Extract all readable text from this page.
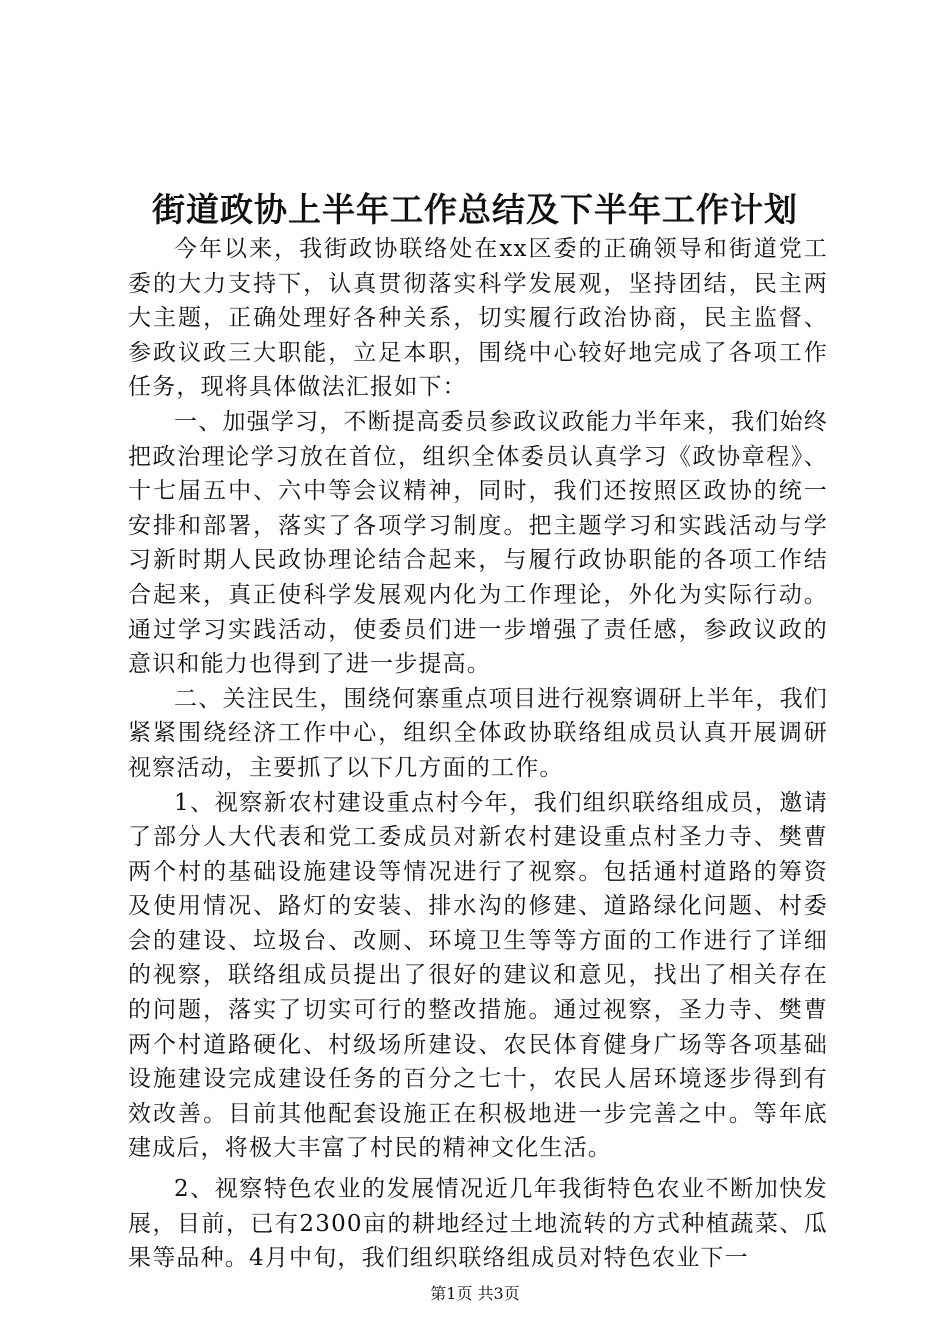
街道政协上半年工作总结及下半年工作计划

今年以来，我街政协联络处在xx区委的正确领导和街道党工委的大力支持下，认真贯彻落实科学发展观，坚持团结，民主两大主题，正确处理好各种关系，切实履行政治协商，民主监督、参政议政三大职能，立足本职，围绕中心较好地完成了各项工作任务，现将具体做法汇报如下：

一、加强学习，不断提高委员参政议政能力半年来，我们始终把政治理论学习放在首位，组织全体委员认真学习《政协章程》、十七届五中、六中等会议精神，同时，我们还按照区政协的统一安排和部署，落实了各项学习制度。把主题学习和实践活动与学习新时期人民政协理论结合起来，与履行政协职能的各项工作结合起来，真正使科学发展观内化为工作理论，外化为实际行动。通过学习实践活动，使委员们进一步增强了责任感，参政议政的意识和能力也得到了进一步提高。

二、关注民生，围绕何寨重点项目进行视察调研上半年，我们紧紧围绕经济工作中心，组织全体政协联络组成员认真开展调研视察活动，主要抓了以下几方面的工作。

1、视察新农村建设重点村今年，我们组织联络组成员，邀请了部分人大代表和党工委成员对新农村建设重点村圣力寺、樊曹两个村的基础设施建设等情况进行了视察。包括通村道路的筹资及使用情况、路灯的安装、排水沟的修建、道路绿化问题、村委会的建设、垃圾台、改厕、环境卫生等等方面的工作进行了详细的视察，联络组成员提出了很好的建议和意见，找出了相关存在的问题，落实了切实可行的整改措施。通过视察，圣力寺、樊曹两个村道路硬化、村级场所建设、农民体育健身广场等各项基础设施建设完成建设任务的百分之七十，农民人居环境逐步得到有效改善。目前其他配套设施正在积极地进一步完善之中。等年底建成后，将极大丰富了村民的精神文化生活。

2、视察特色农业的发展情况近几年我街特色农业不断加快发展，目前，已有2300亩的耕地经过土地流转的方式种植蔬菜、瓜果等品种。4月中旬，我们组织联络组成员对特色农业下一

第1页 共3页
